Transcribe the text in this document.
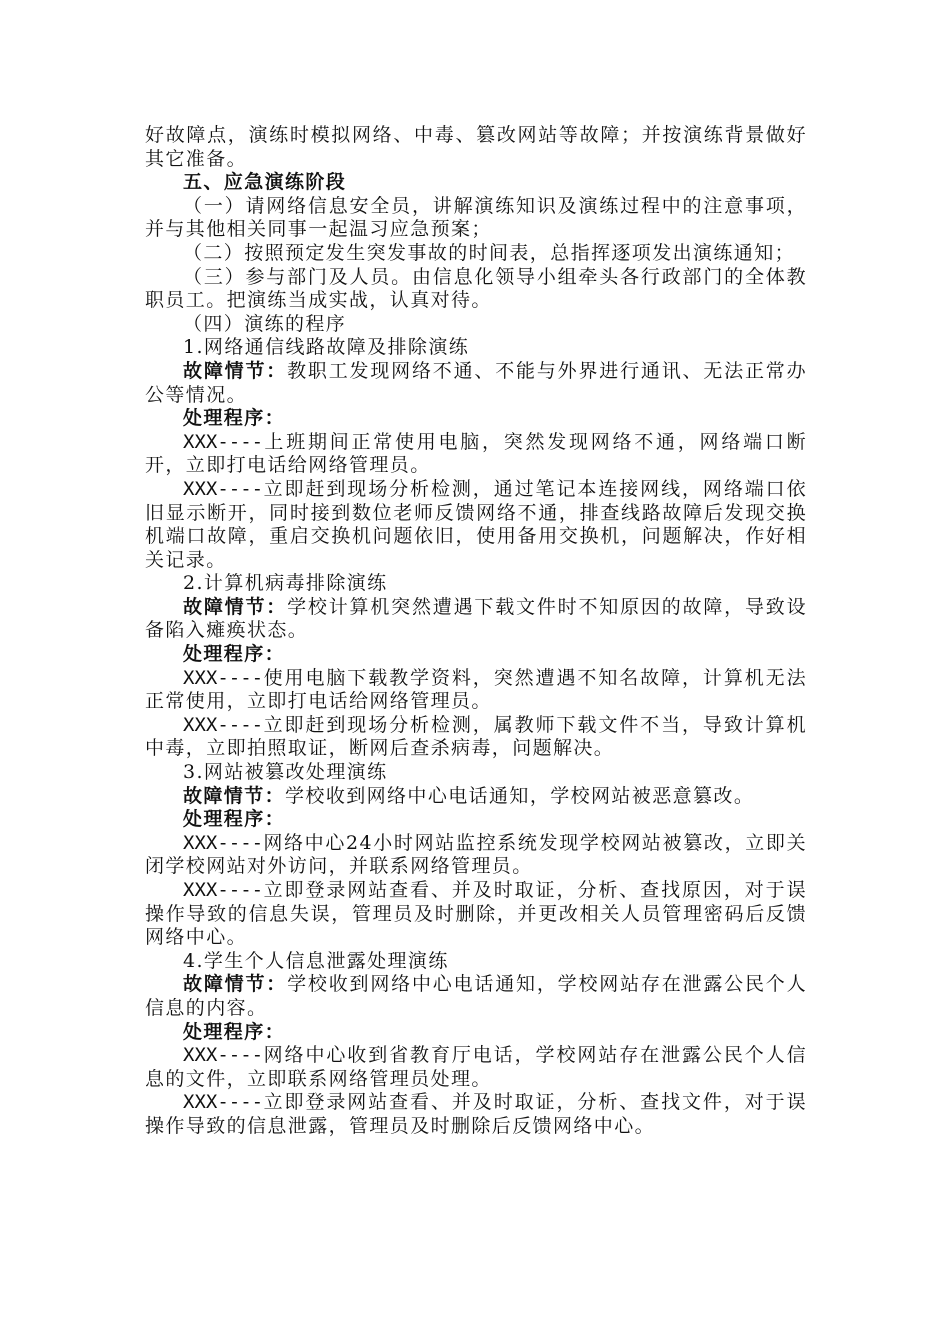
好故障点，演练时模拟网络、中毒、篡改网站等故障；并按演练背景做好其它准备。

五、应急演练阶段

（一）请网络信息安全员，讲解演练知识及演练过程中的注意事项，并与其他相关同事一起温习应急预案；

（二）按照预定发生突发事故的时间表，总指挥逐项发出演练通知；

（三）参与部门及人员。由信息化领导小组牵头各行政部门的全体教职员工。把演练当成实战，认真对待。

（四）演练的程序

1.网络通信线路故障及排除演练

故障情节：教职工发现网络不通、不能与外界进行通讯、无法正常办公等情况。

处理程序：

XXX----上班期间正常使用电脑，突然发现网络不通，网络端口断开，立即打电话给网络管理员。

XXX----立即赶到现场分析检测，通过笔记本连接网线，网络端口依旧显示断开，同时接到数位老师反馈网络不通，排查线路故障后发现交换机端口故障，重启交换机问题依旧，使用备用交换机，问题解决，作好相关记录。

2.计算机病毒排除演练

故障情节：学校计算机突然遭遇下载文件时不知原因的故障，导致设备陷入瘫痪状态。

处理程序：

XXX----使用电脑下载教学资料，突然遭遇不知名故障，计算机无法正常使用，立即打电话给网络管理员。

XXX----立即赶到现场分析检测，属教师下载文件不当，导致计算机中毒，立即拍照取证，断网后查杀病毒，问题解决。

3.网站被篡改处理演练

故障情节：学校收到网络中心电话通知，学校网站被恶意篡改。

处理程序：

XXX----网络中心24小时网站监控系统发现学校网站被篡改，立即关闭学校网站对外访问，并联系网络管理员。

XXX----立即登录网站查看、并及时取证，分析、查找原因，对于误操作导致的信息失误，管理员及时删除，并更改相关人员管理密码后反馈网络中心。

4.学生个人信息泄露处理演练

故障情节：学校收到网络中心电话通知，学校网站存在泄露公民个人信息的内容。

处理程序：

XXX----网络中心收到省教育厅电话，学校网站存在泄露公民个人信息的文件，立即联系网络管理员处理。

XXX----立即登录网站查看、并及时取证，分析、查找文件，对于误操作导致的信息泄露，管理员及时删除后反馈网络中心。
